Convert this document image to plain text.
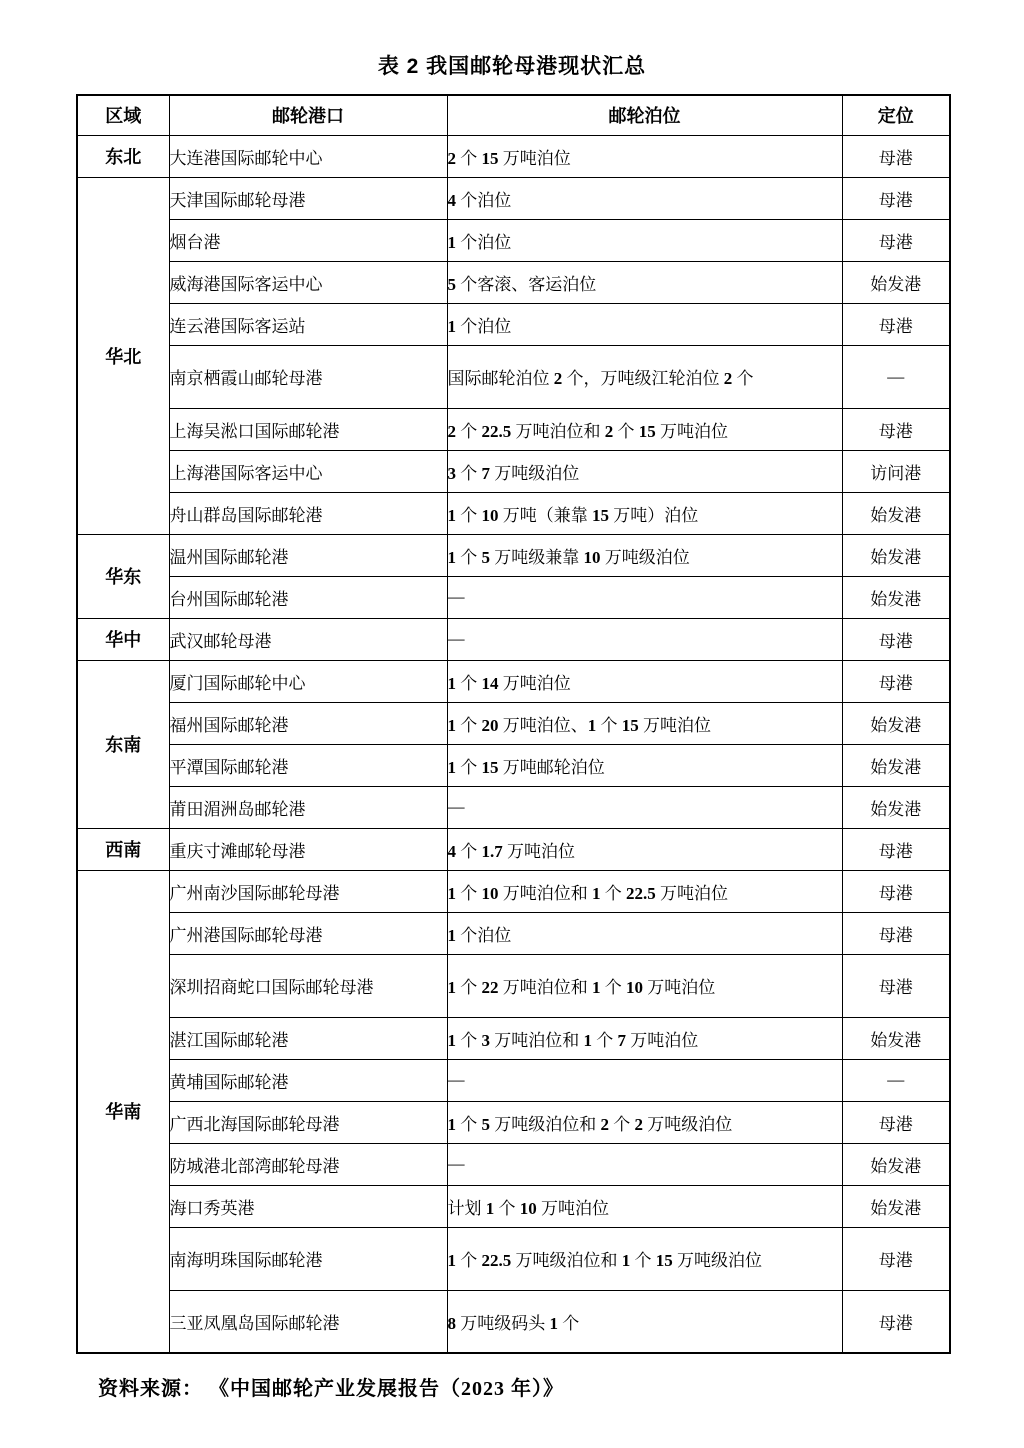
表 2 我国邮轮母港现状汇总
区域	邮轮港口	邮轮泊位	定位
东北	大连港国际邮轮中心	2 个 15 万吨泊位	母港
华北	天津国际邮轮母港	4 个泊位	母港
	烟台港	1 个泊位	母港
	威海港国际客运中心	5 个客滚、客运泊位	始发港
	连云港国际客运站	1 个泊位	母港
	南京栖霞山邮轮母港	国际邮轮泊位 2 个，万吨级江轮泊位 2 个	—
	上海吴淞口国际邮轮港	2 个 22.5 万吨泊位和 2 个 15 万吨泊位	母港
	上海港国际客运中心	3 个 7 万吨级泊位	访问港
	舟山群岛国际邮轮港	1 个 10 万吨（兼靠 15 万吨）泊位	始发港
华东	温州国际邮轮港	1 个 5 万吨级兼靠 10 万吨级泊位	始发港
	台州国际邮轮港	—	始发港
华中	武汉邮轮母港	—	母港
东南	厦门国际邮轮中心	1 个 14 万吨泊位	母港
	福州国际邮轮港	1 个 20 万吨泊位、1 个 15 万吨泊位	始发港
	平潭国际邮轮港	1 个 15 万吨邮轮泊位	始发港
	莆田湄洲岛邮轮港	—	始发港
西南	重庆寸滩邮轮母港	4 个 1.7 万吨泊位	母港
华南	广州南沙国际邮轮母港	1 个 10 万吨泊位和 1 个 22.5 万吨泊位	母港
	广州港国际邮轮母港	1 个泊位	母港
	深圳招商蛇口国际邮轮母港	1 个 22 万吨泊位和 1 个 10 万吨泊位	母港
	湛江国际邮轮港	1 个 3 万吨泊位和 1 个 7 万吨泊位	始发港
	黄埔国际邮轮港	—	—
	广西北海国际邮轮母港	1 个 5 万吨级泊位和 2 个 2 万吨级泊位	母港
	防城港北部湾邮轮母港	—	始发港
	海口秀英港	计划 1 个 10 万吨泊位	始发港
	南海明珠国际邮轮港	1 个 22.5 万吨级泊位和 1 个 15 万吨级泊位	母港
	三亚凤凰岛国际邮轮港	8 万吨级码头 1 个	母港
资料来源： 《中国邮轮产业发展报告（2023 年）》
